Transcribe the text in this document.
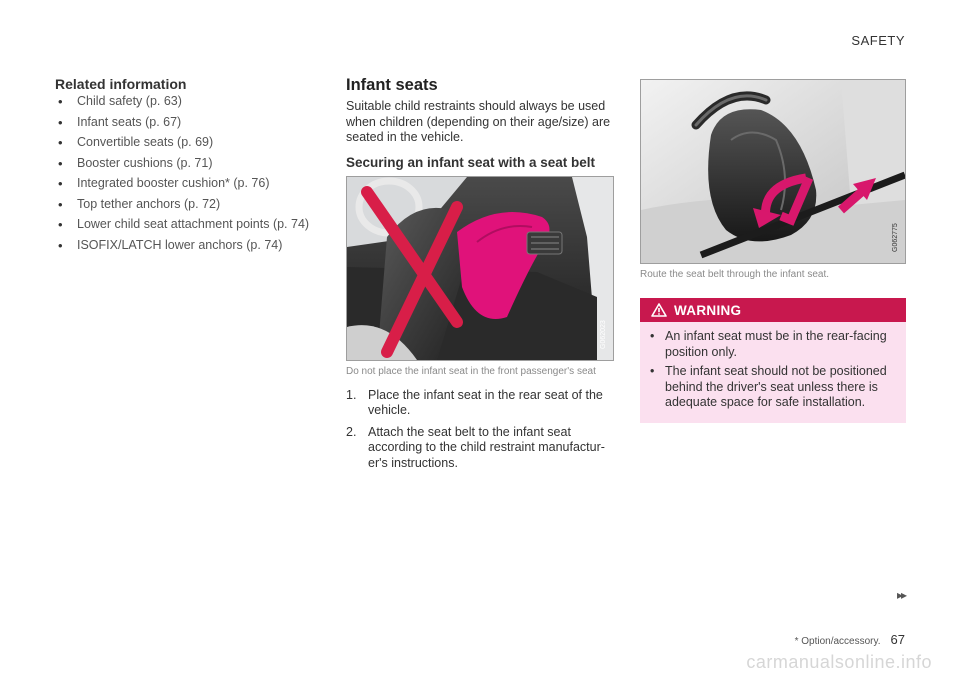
SAFETY
Related information
• Child safety (p. 63)
• Infant seats (p. 67)
• Convertible seats (p. 69)
• Booster cushions (p. 71)
• Integrated booster cushion* (p. 76)
• Top tether anchors (p. 72)
• Lower child seat attachment points (p. 74)
• ISOFIX/LATCH lower anchors (p. 74)
Infant seats

Suitable child restraints should always be used when children (depending on their age/size) are seated in the vehicle.

Securing an infant seat with a seat belt
G062023
Do not place the infant seat in the front passenger's seat
1. Place the infant seat in the rear seat of the vehicle.
2. Attach the seat belt to the infant seat according to the child restraint manufactur-er's instructions.
G062775
Route the seat belt through the infant seat.
WARNING
• An infant seat must be in the rear-facing position only.
• The infant seat should not be positioned behind the driver's seat unless there is adequate space for safe installation.
▸▸
* Option/accessory. 67
carmanualsonline.info
